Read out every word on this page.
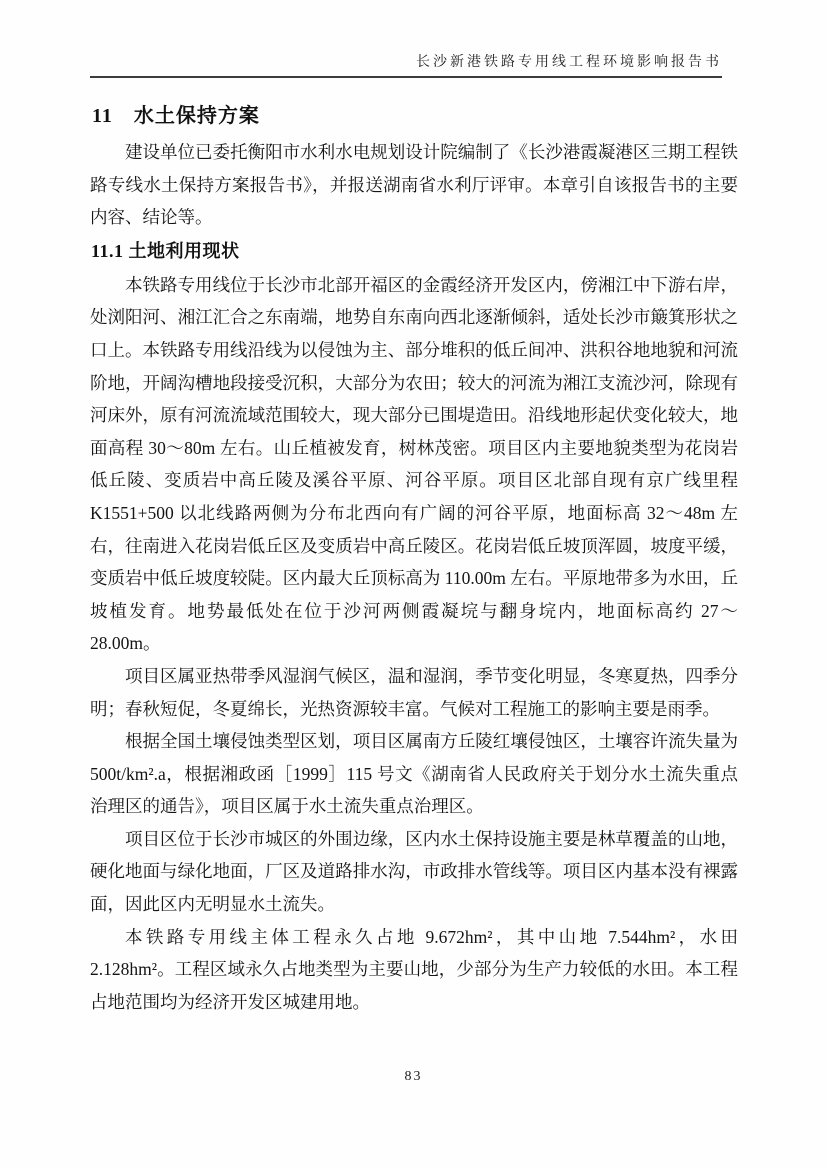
长沙新港铁路专用线工程环境影响报告书
11　水土保持方案

建设单位已委托衡阳市水利水电规划设计院编制了《长沙港霞凝港区三期工程铁路专线水土保持方案报告书》，并报送湖南省水利厅评审。本章引自该报告书的主要内容、结论等。

11.1 土地利用现状

本铁路专用线位于长沙市北部开福区的金霞经济开发区内，傍湘江中下游右岸，处浏阳河、湘江汇合之东南端，地势自东南向西北逐渐倾斜，适处长沙市簸箕形状之口上。本铁路专用线沿线为以侵蚀为主、部分堆积的低丘间冲、洪积谷地地貌和河流阶地，开阔沟槽地段接受沉积，大部分为农田；较大的河流为湘江支流沙河，除现有河床外，原有河流流域范围较大，现大部分已围堤造田。沿线地形起伏变化较大，地面高程 30～80m 左右。山丘植被发育，树林茂密。项目区内主要地貌类型为花岗岩低丘陵、变质岩中高丘陵及溪谷平原、河谷平原。项目区北部自现有京广线里程 K1551+500 以北线路两侧为分布北西向有广阔的河谷平原，地面标高 32～48m 左右，往南进入花岗岩低丘区及变质岩中高丘陵区。花岗岩低丘坡顶浑圆，坡度平缓，变质岩中低丘坡度较陡。区内最大丘顶标高为 110.00m 左右。平原地带多为水田，丘坡植发育。地势最低处在位于沙河两侧霞凝垸与翻身垸内，地面标高约 27～28.00m。

项目区属亚热带季风湿润气候区，温和湿润，季节变化明显，冬寒夏热，四季分明；春秋短促，冬夏绵长，光热资源较丰富。气候对工程施工的影响主要是雨季。

根据全国土壤侵蚀类型区划，项目区属南方丘陵红壤侵蚀区，土壤容许流失量为 500t/km².a，根据湘政函［1999］115 号文《湖南省人民政府关于划分水土流失重点治理区的通告》，项目区属于水土流失重点治理区。

项目区位于长沙市城区的外围边缘，区内水土保持设施主要是林草覆盖的山地，硬化地面与绿化地面，厂区及道路排水沟，市政排水管线等。项目区内基本没有裸露面，因此区内无明显水土流失。

本铁路专用线主体工程永久占地 9.672hm²，其中山地 7.544hm²，水田 2.128hm²。工程区域永久占地类型为主要山地，少部分为生产力较低的水田。本工程占地范围均为经济开发区城建用地。

83
